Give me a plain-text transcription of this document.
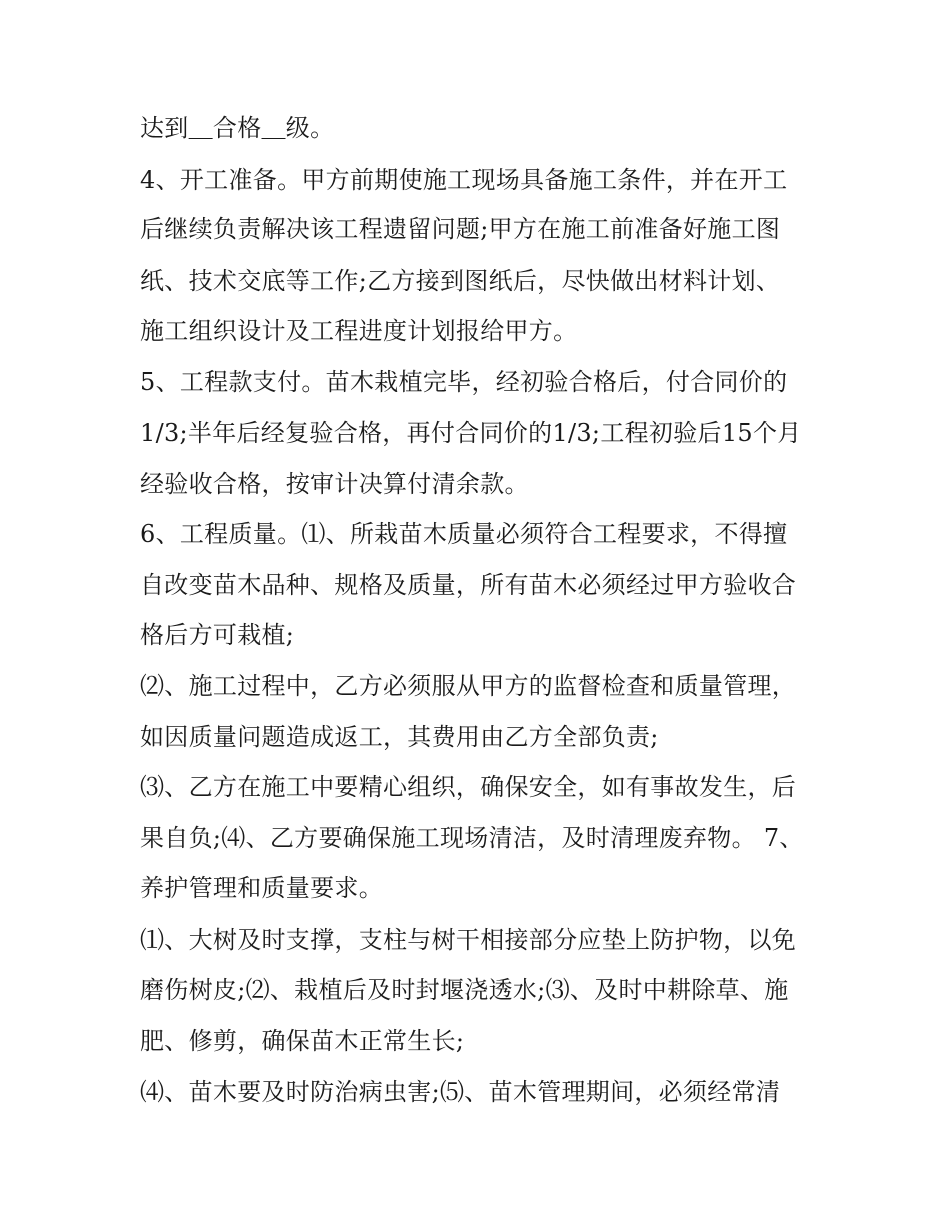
达到＿合格＿级。
4、开工准备。甲方前期使施工现场具备施工条件，并在开工
后继续负责解决该工程遗留问题;甲方在施工前准备好施工图
纸、技术交底等工作;乙方接到图纸后，尽快做出材料计划、
施工组织设计及工程进度计划报给甲方。
5、工程款支付。苗木栽植完毕，经初验合格后，付合同价的
1/3;半年后经复验合格，再付合同价的1/3;工程初验后15个月
经验收合格，按审计决算付清余款。
6、工程质量。⑴、所栽苗木质量必须符合工程要求，不得擅
自改变苗木品种、规格及质量，所有苗木必须经过甲方验收合
格后方可栽植;
⑵、施工过程中，乙方必须服从甲方的监督检查和质量管理，
如因质量问题造成返工，其费用由乙方全部负责;
⑶、乙方在施工中要精心组织，确保安全，如有事故发生，后
果自负;⑷、乙方要确保施工现场清洁，及时清理废弃物。 7、
养护管理和质量要求。
⑴、大树及时支撑，支柱与树干相接部分应垫上防护物，以免
磨伤树皮;⑵、栽植后及时封堰浇透水;⑶、及时中耕除草、施
肥、修剪，确保苗木正常生长;
⑷、苗木要及时防治病虫害;⑸、苗木管理期间，必须经常清
